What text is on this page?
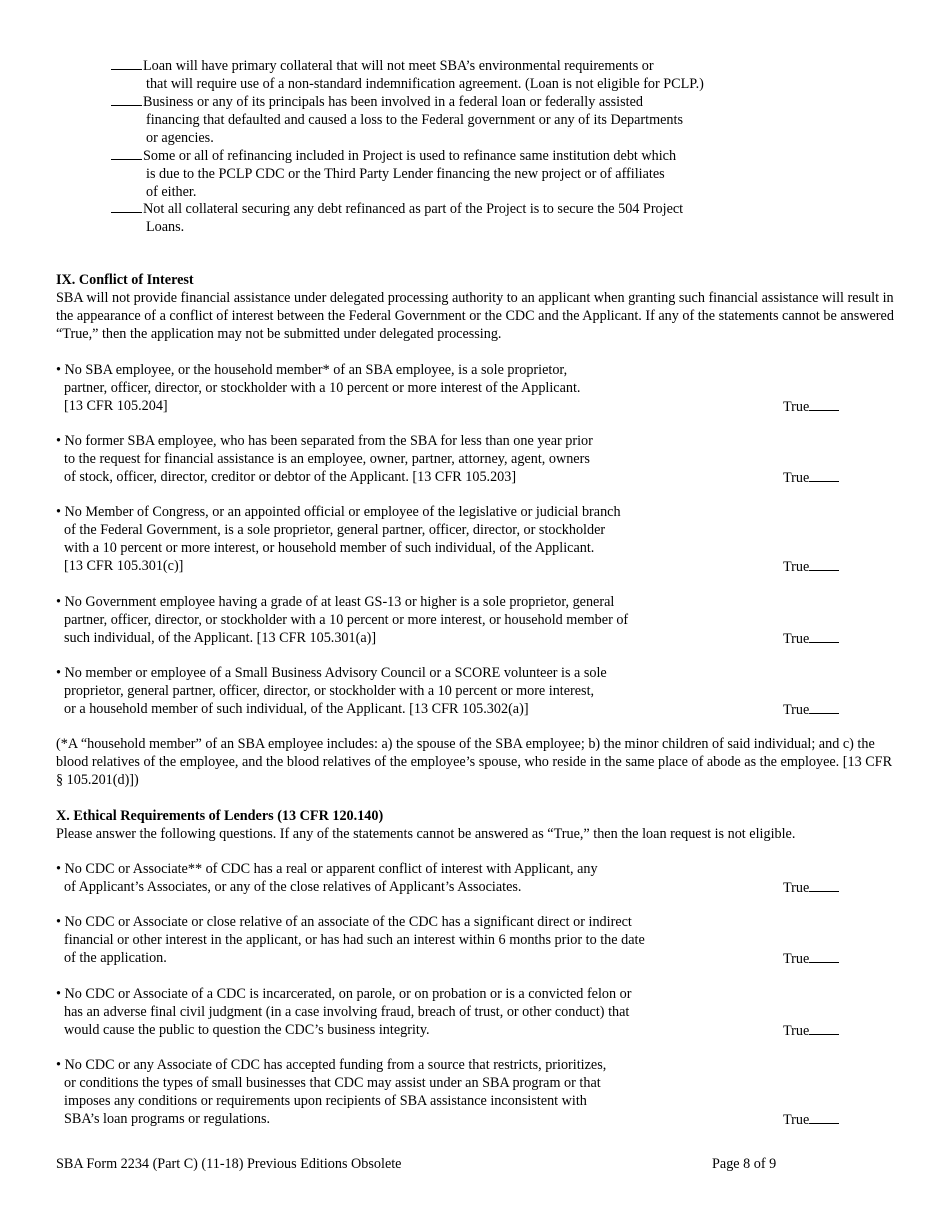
Loan will have primary collateral that will not meet SBA’s environmental requirements or
that will require use of a non-standard indemnification agreement. (Loan is not eligible for PCLP.)
Business or any of its principals has been involved in a federal loan or federally assisted
financing that defaulted and caused a loss to the Federal government or any of its Departments
or agencies.
Some or all of refinancing included in Project is used to refinance same institution debt which
is due to the PCLP CDC or the Third Party Lender financing the new project or of affiliates
of either.
Not all collateral securing any debt refinanced as part of the Project is to secure the 504 Project
Loans.
IX. Conflict of Interest
SBA will not provide financial assistance under delegated processing authority to an applicant when granting such financial assistance will result in the appearance of a conflict of interest between the Federal Government or the CDC and the Applicant. If any of the statements cannot be answered “True,” then the application may not be submitted under delegated processing.
• No SBA employee, or the household member* of an SBA employee, is a sole proprietor,
partner, officer, director, or stockholder with a 10 percent or more interest of the Applicant.
[13 CFR 105.204]	True
• No former SBA employee, who has been separated from the SBA for less than one year prior
to the request for financial assistance is an employee, owner, partner, attorney, agent, owners
of stock, officer, director, creditor or debtor of the Applicant. [13 CFR 105.203]	True
• No Member of Congress, or an appointed official or employee of the legislative or judicial branch
of the Federal Government, is a sole proprietor, general partner, officer, director, or stockholder
with a 10 percent or more interest, or household member of such individual, of the Applicant.
[13 CFR 105.301(c)]	True
• No Government employee having a grade of at least GS-13 or higher is a sole proprietor, general
partner, officer, director, or stockholder with a 10 percent or more interest, or household member of
such individual, of the Applicant. [13 CFR 105.301(a)]	True
• No member or employee of a Small Business Advisory Council or a SCORE volunteer is a sole
proprietor, general partner, officer, director, or stockholder with a 10 percent or more interest,
or a household member of such individual, of the Applicant. [13 CFR 105.302(a)]	True
(*A “household member” of an SBA employee includes: a) the spouse of the SBA employee; b) the minor children of said individual; and c) the blood relatives of the employee, and the blood relatives of the employee’s spouse, who reside in the same place of abode as the employee. [13 CFR § 105.201(d)])
X. Ethical Requirements of Lenders (13 CFR 120.140)
Please answer the following questions. If any of the statements cannot be answered as “True,” then the loan request is not eligible.
• No CDC or Associate** of CDC has a real or apparent conflict of interest with Applicant, any
of Applicant’s Associates, or any of the close relatives of Applicant’s Associates.	True
• No CDC or Associate or close relative of an associate of the CDC has a significant direct or indirect
financial or other interest in the applicant, or has had such an interest within 6 months prior to the date
of the application.	True
• No CDC or Associate of a CDC is incarcerated, on parole, or on probation or is a convicted felon or
has an adverse final civil judgment (in a case involving fraud, breach of trust, or other conduct) that
would cause the public to question the CDC’s business integrity.	True
• No CDC or any Associate of CDC has accepted funding from a source that restricts, prioritizes,
or conditions the types of small businesses that CDC may assist under an SBA program or that
imposes any conditions or requirements upon recipients of SBA assistance inconsistent with
SBA’s loan programs or regulations.	True
SBA Form 2234 (Part C) (11-18) Previous Editions Obsolete	Page 8 of 9
